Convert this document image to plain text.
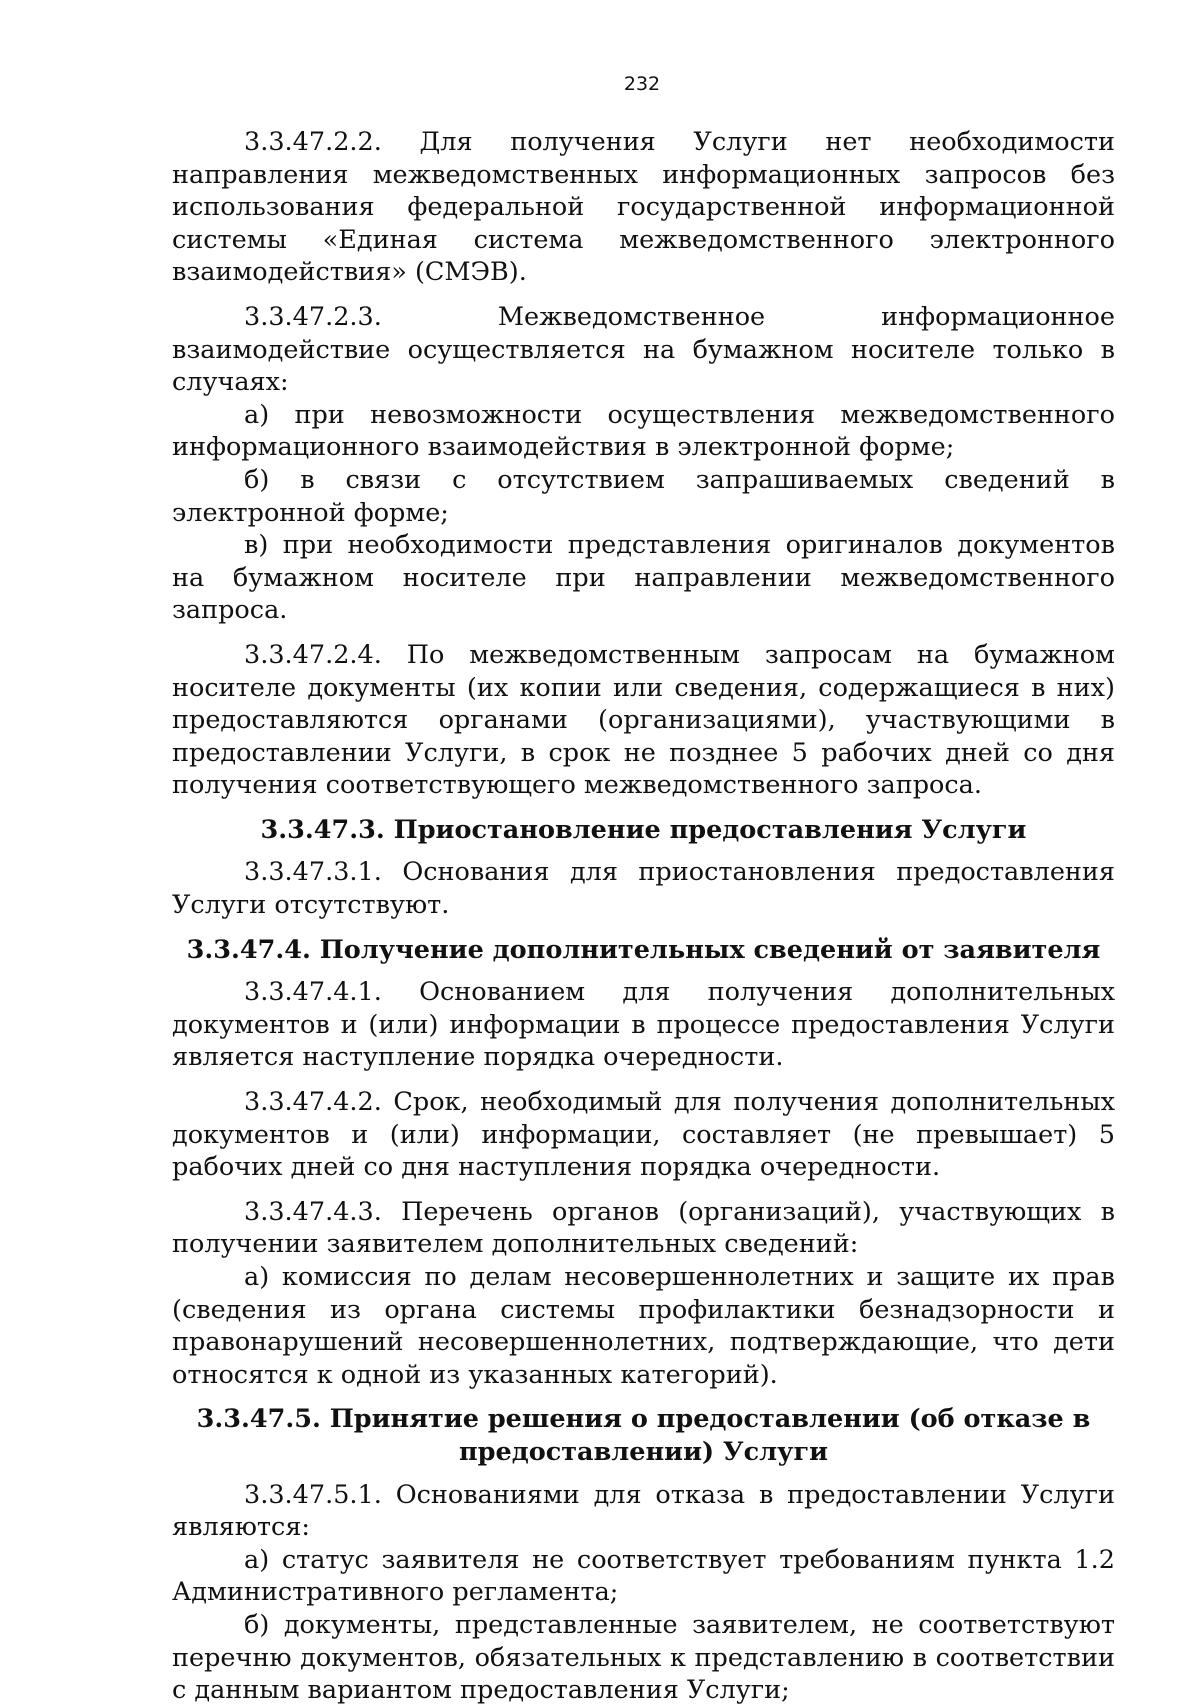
232

3.3.47.2.2. Для получения Услуги нет необходимости направления межведомственных информационных запросов без использования федеральной государственной информационной системы «Единая система межведомственного электронного взаимодействия» (СМЭВ).

3.3.47.2.3. Межведомственное информационное взаимодействие осуществляется на бумажном носителе только в случаях:

а) при невозможности осуществления межведомственного информационного взаимодействия в электронной форме;

б) в связи с отсутствием запрашиваемых сведений в электронной форме;

в) при необходимости представления оригиналов документов на бумажном носителе при направлении межведомственного запроса.

3.3.47.2.4. По межведомственным запросам на бумажном носителе документы (их копии или сведения, содержащиеся в них) предоставляются органами (организациями), участвующими в предоставлении Услуги, в срок не позднее 5 рабочих дней со дня получения соответствующего межведомственного запроса.

3.3.47.3. Приостановление предоставления Услуги

3.3.47.3.1. Основания для приостановления предоставления Услуги отсутствуют.

3.3.47.4. Получение дополнительных сведений от заявителя

3.3.47.4.1. Основанием для получения дополнительных документов и (или) информации в процессе предоставления Услуги является наступление порядка очередности.

3.3.47.4.2. Срок, необходимый для получения дополнительных документов и (или) информации, составляет (не превышает) 5 рабочих дней со дня наступления порядка очередности.

3.3.47.4.3. Перечень органов (организаций), участвующих в получении заявителем дополнительных сведений:

а) комиссия по делам несовершеннолетних и защите их прав (сведения из органа системы профилактики безнадзорности и правонарушений несовершеннолетних, подтверждающие, что дети относятся к одной из указанных категорий).

3.3.47.5. Принятие решения о предоставлении (об отказе в
предоставлении) Услуги

3.3.47.5.1. Основаниями для отказа в предоставлении Услуги являются:

а) статус заявителя не соответствует требованиям пункта 1.2 Административного регламента;

б) документы, представленные заявителем, не соответствуют перечню документов, обязательных к представлению в соответствии с данным вариантом предоставления Услуги;
